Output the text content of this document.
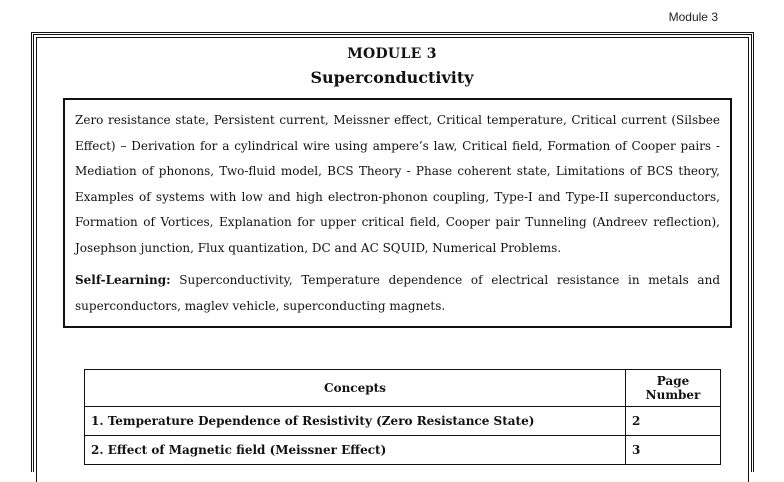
Module 3
MODULE 3
Superconductivity

Zero resistance state, Persistent current, Meissner effect, Critical temperature, Critical current (Silsbee Effect) – Derivation for a cylindrical wire using ampere’s law, Critical field, Formation of Cooper pairs - Mediation of phonons, Two-fluid model, BCS Theory - Phase coherent state, Limitations of BCS theory, Examples of systems with low and high electron-phonon coupling, Type-I and Type-II superconductors, Formation of Vortices, Explanation for upper critical field, Cooper pair Tunneling (Andreev reflection), Josephson junction, Flux quantization, DC and AC SQUID, Numerical Problems.

Self-Learning: Superconductivity, Temperature dependence of electrical resistance in metals and superconductors, maglev vehicle, superconducting magnets.

Concepts	Page Number
1. Temperature Dependence of Resistivity (Zero Resistance State)	2
2. Effect of Magnetic field (Meissner Effect)	3
